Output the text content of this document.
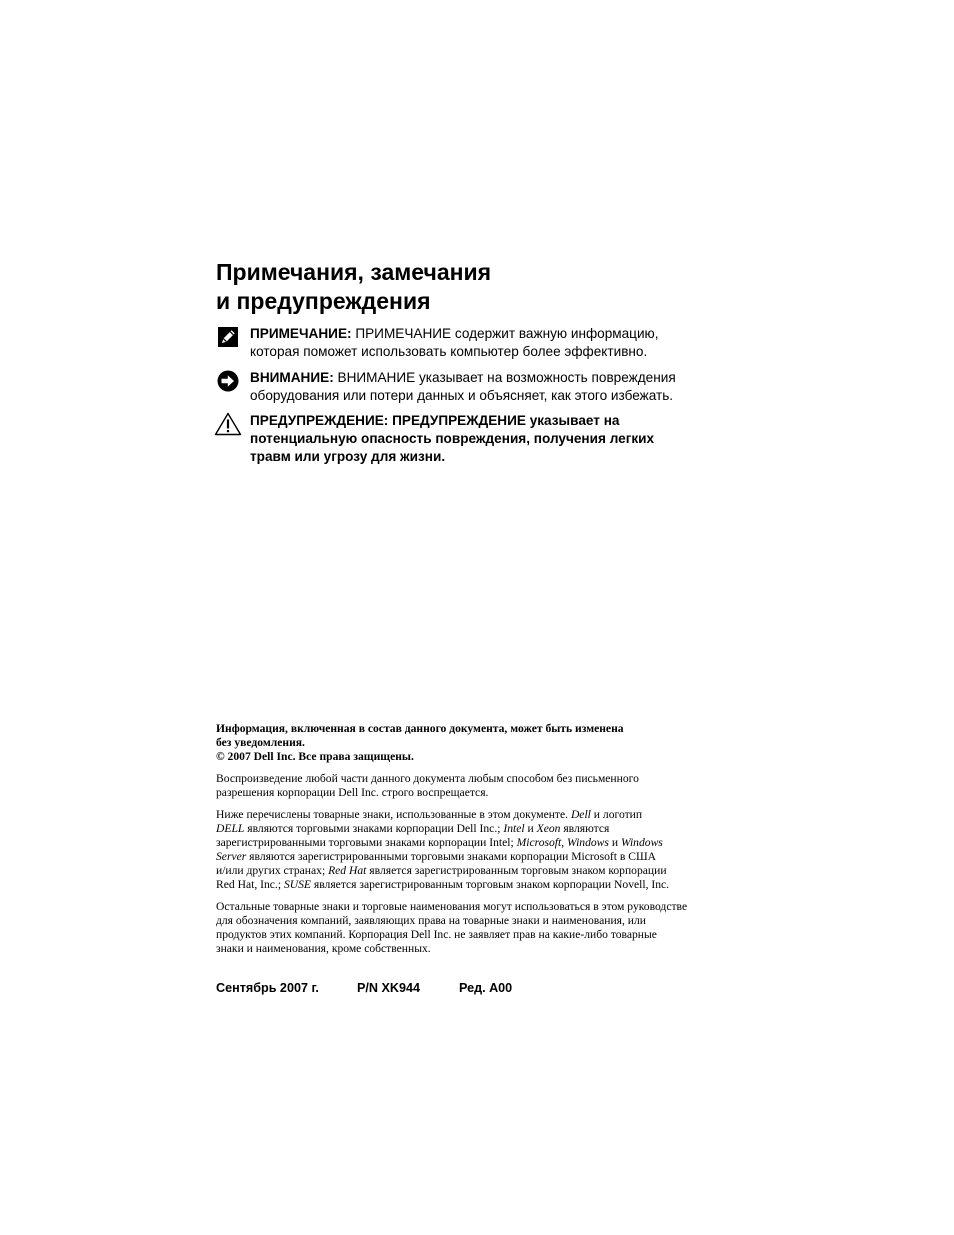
Примечания, замечания
и предупреждения
ПРИМЕЧАНИЕ: ПРИМЕЧАНИЕ содержит важную информацию,
которая поможет использовать компьютер более эффективно.
ВНИМАНИЕ: ВНИМАНИЕ указывает на возможность повреждения
оборудования или потери данных и объясняет, как этого избежать.
ПРЕДУПРЕЖДЕНИЕ: ПРЕДУПРЕЖДЕНИЕ указывает на
потенциальную опасность повреждения, получения легких
травм или угрозу для жизни.
Информация, включенная в состав данного документа, может быть изменена
без уведомления.
© 2007 Dell Inc. Все права защищены.
Воспроизведение любой части данного документа любым способом без письменного
разрешения корпорации Dell Inc. строго воспрещается.
Ниже перечислены товарные знаки, использованные в этом документе. Dell и логотип
DELL являются торговыми знаками корпорации Dell Inc.; Intel и Xeon являются
зарегистрированными торговыми знаками корпорации Intel; Microsoft, Windows и Windows
Server являются зарегистрированными торговыми знаками корпорации Microsoft в США
и/или других странах; Red Hat является зарегистрированным торговым знаком корпорации
Red Hat, Inc.; SUSE является зарегистрированным торговым знаком корпорации Novell, Inc.
Остальные товарные знаки и торговые наименования могут использоваться в этом руководстве
для обозначения компаний, заявляющих права на товарные знаки и наименования, или
продуктов этих компаний. Корпорация Dell Inc. не заявляет прав на какие-либо товарные
знаки и наименования, кроме собственных.
Сентябрь 2007 г.	P/N XK944	Ред. A00
